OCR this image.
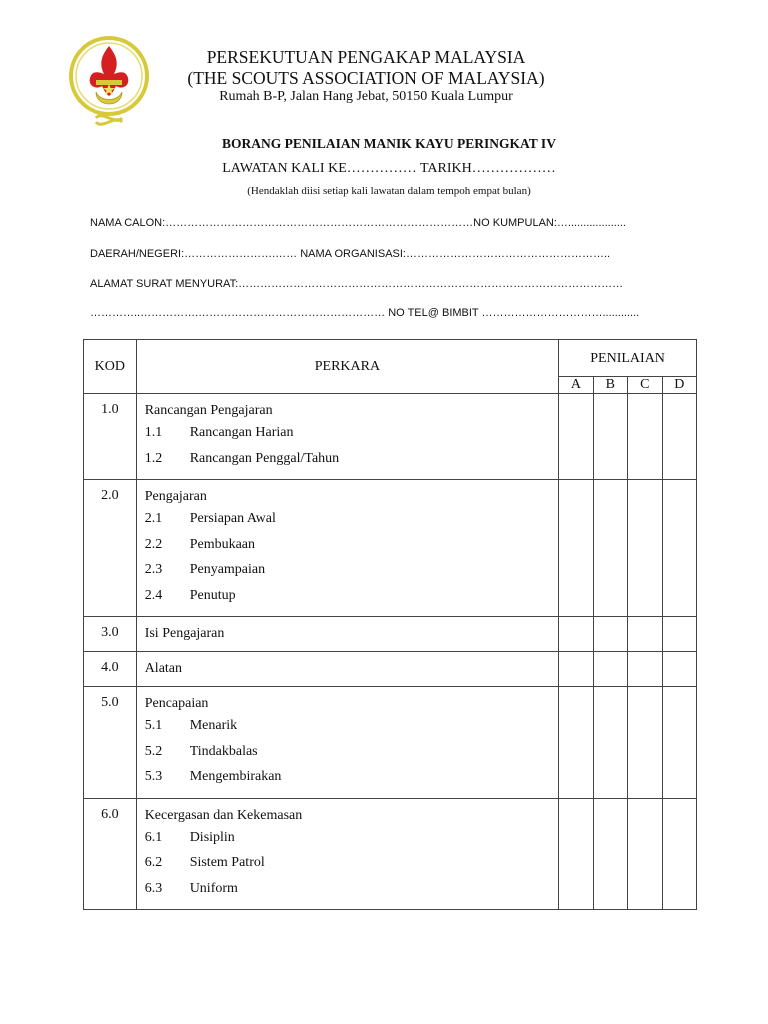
PERSEKUTUAN PENGAKAP MALAYSIA
(THE SCOUTS ASSOCIATION OF MALAYSIA)
Rumah B-P, Jalan Hang Jebat, 50150 Kuala Lumpur
BORANG PENILAIAN MANIK KAYU PERINGKAT IV
LAWATAN KALI KE…………… TARIKH………………
(Hendaklah diisi setiap kali lawatan dalam tempoh empat bulan)
NAMA CALON:…………………………………………………………………………NO KUMPULAN:…...................
DAERAH/NEGERI:…………………….…… NAMA ORGANISASI:………………………………………………..
ALAMAT SURAT MENYURAT:……………………………………………………………………………………………
…………..…………….…………………………………………… NO TEL@ BIMBIT ……………………………............
KOD	PERKARA	PENILAIAN			
		A	B	C	D

1.0	Rancangan Pengajaran
1.1 Rancangan Harian
1.2 Rancangan Penggal/Tahun				

2.0	Pengajaran
2.1 Persiapan Awal
2.2 Pembukaan
2.3 Penyampaian
2.4 Penutup				

3.0	Isi Pengajaran				

4.0	Alatan				

5.0	Pencapaian
5.1 Menarik
5.2 Tindakbalas
5.3 Mengembirakan				

6.0	Kecergasan dan Kekemasan
6.1 Disiplin
6.2 Sistem Patrol
6.3 Uniform				
